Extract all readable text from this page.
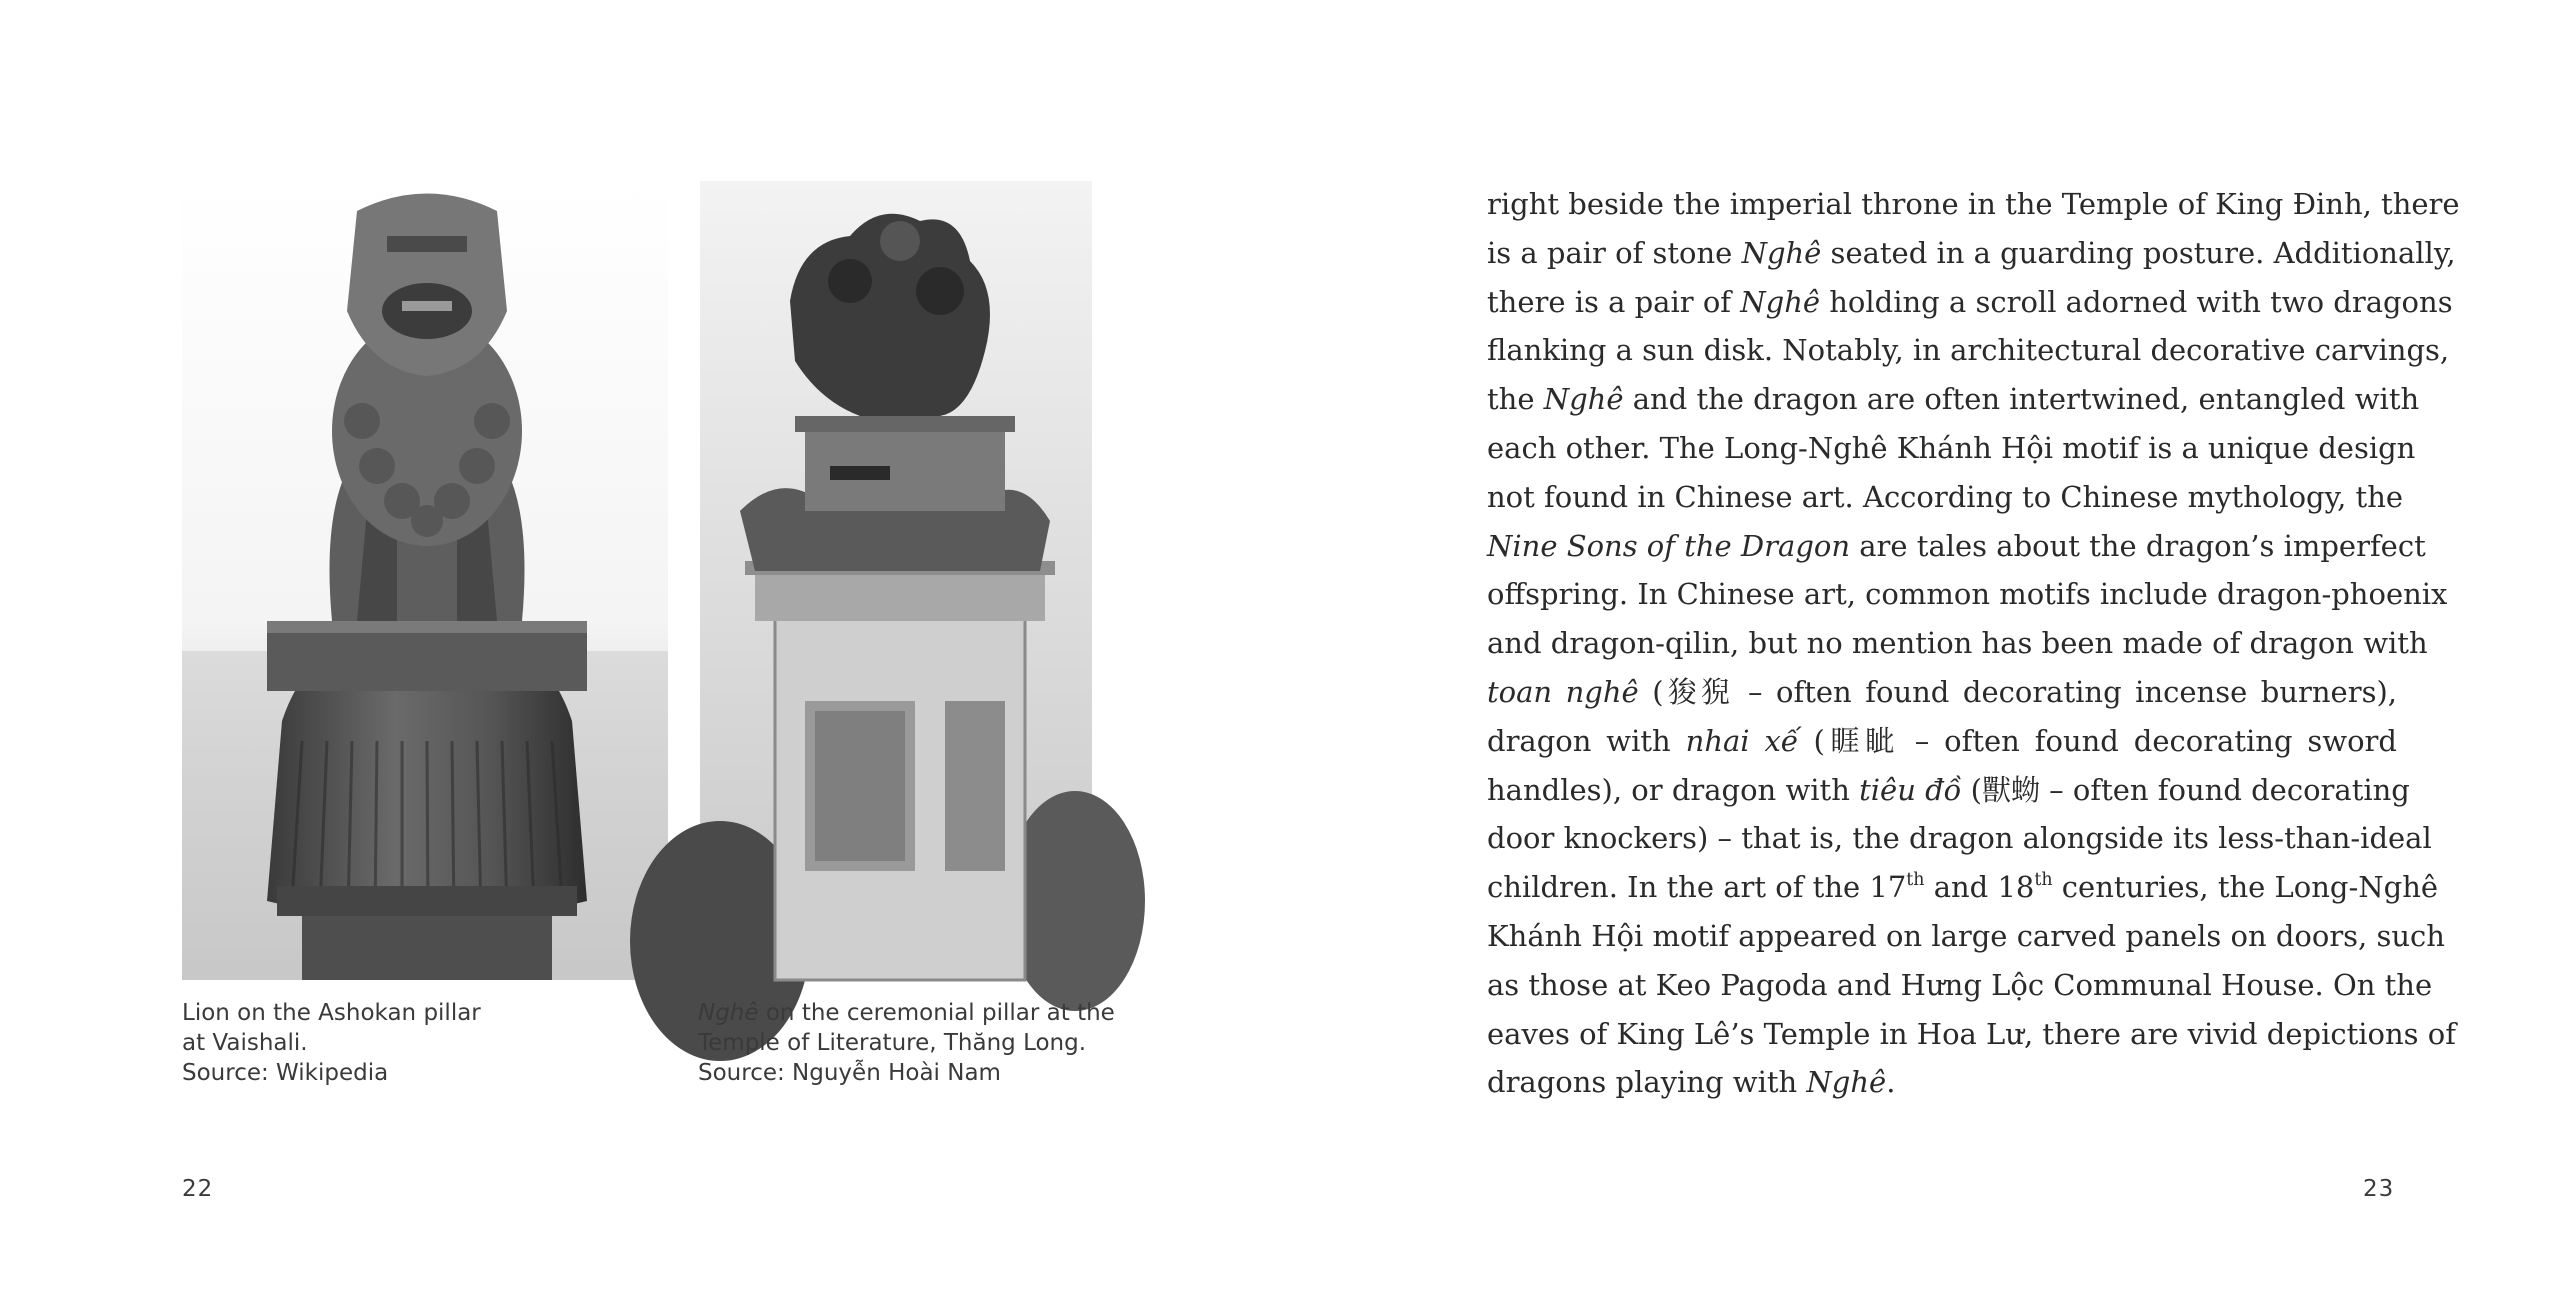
Lion on the Ashokan pillar
at Vaishali.
Source: Wikipedia
Nghê on the ceremonial pillar at the
Temple of Literature, Thăng Long.
Source: Nguyễn Hoài Nam
22
right beside the imperial throne in the Temple of King Đinh, there
is a pair of stone Nghê seated in a guarding posture. Additionally,
there is a pair of Nghê holding a scroll adorned with two dragons
flanking a sun disk. Notably, in architectural decorative carvings,
the Nghê and the dragon are often intertwined, entangled with
each other. The Long-Nghê Khánh Hội motif is a unique design
not found in Chinese art. According to Chinese mythology, the
Nine Sons of the Dragon are tales about the dragon’s imperfect
offspring. In Chinese art, common motifs include dragon-phoenix
and dragon-qilin, but no mention has been made of dragon with
toan nghê (狻猊 – often found decorating incense burners),
dragon with nhai xế (睚眦 – often found decorating sword
handles), or dragon with tiêu đồ (獸蚴 – often found decorating
door knockers) – that is, the dragon alongside its less-than-ideal
children. In the art of the 17th and 18th centuries, the Long-Nghê
Khánh Hội motif appeared on large carved panels on doors, such
as those at Keo Pagoda and Hưng Lộc Communal House. On the
eaves of King Lê’s Temple in Hoa Lư, there are vivid depictions of
dragons playing with Nghê.
23
